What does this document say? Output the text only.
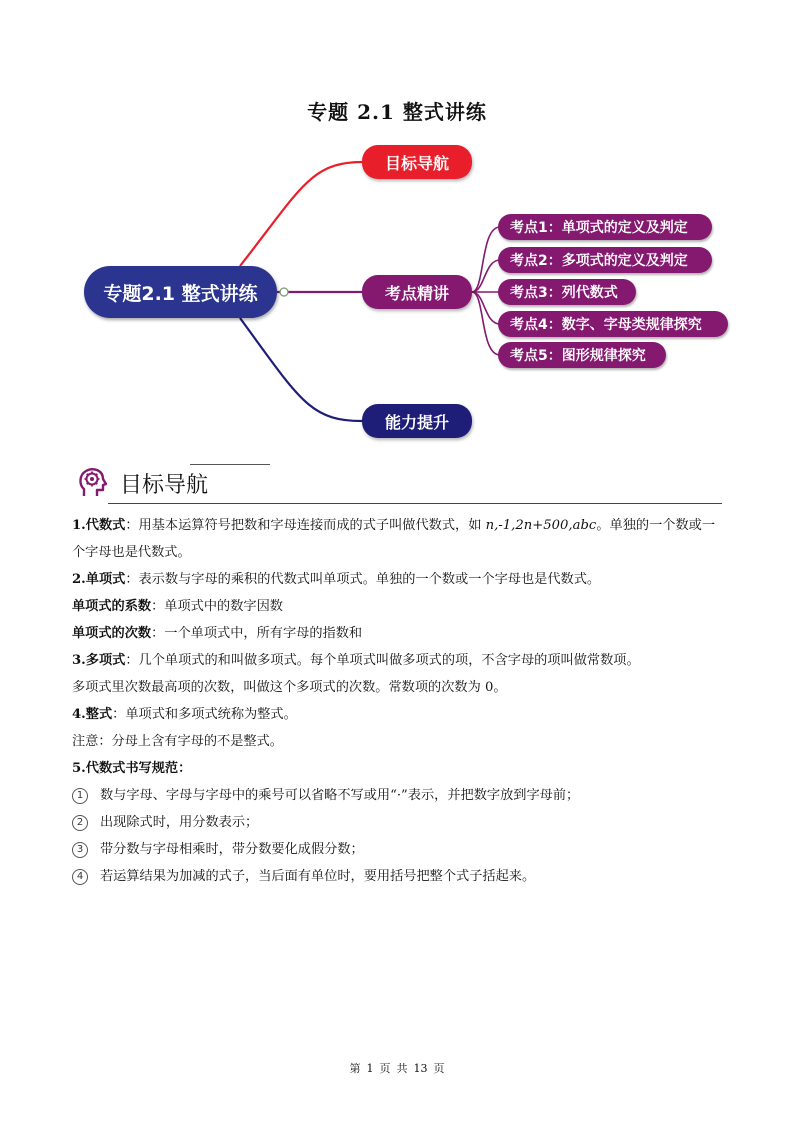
专题 2.1 整式讲练
专题2.1 整式讲练
目标导航
考点精讲
能力提升
考点1：单项式的定义及判定
考点2：多项式的定义及判定
考点3：列代数式
考点4：数字、字母类规律探究
考点5：图形规律探究
目标导航

1.代数式：用基本运算符号把数和字母连接而成的式子叫做代数式，如 n,-1,2n+500,abc。单独的一个数或一个字母也是代数式。

2.单项式：表示数与字母的乘积的代数式叫单项式。单独的一个数或一个字母也是代数式。

单项式的系数：单项式中的数字因数

单项式的次数：一个单项式中，所有字母的指数和

3.多项式：几个单项式的和叫做多项式。每个单项式叫做多项式的项，不含字母的项叫做常数项。

多项式里次数最高项的次数，叫做这个多项式的次数。常数项的次数为 0。

4.整式：单项式和多项式统称为整式。

注意：分母上含有字母的不是整式。

5.代数式书写规范：

1 数与字母、字母与字母中的乘号可以省略不写或用“·”表示，并把数字放到字母前；

2 出现除式时，用分数表示；

3 带分数与字母相乘时，带分数要化成假分数；

4 若运算结果为加减的式子，当后面有单位时，要用括号把整个式子括起来。

第 1 页 共 13 页
